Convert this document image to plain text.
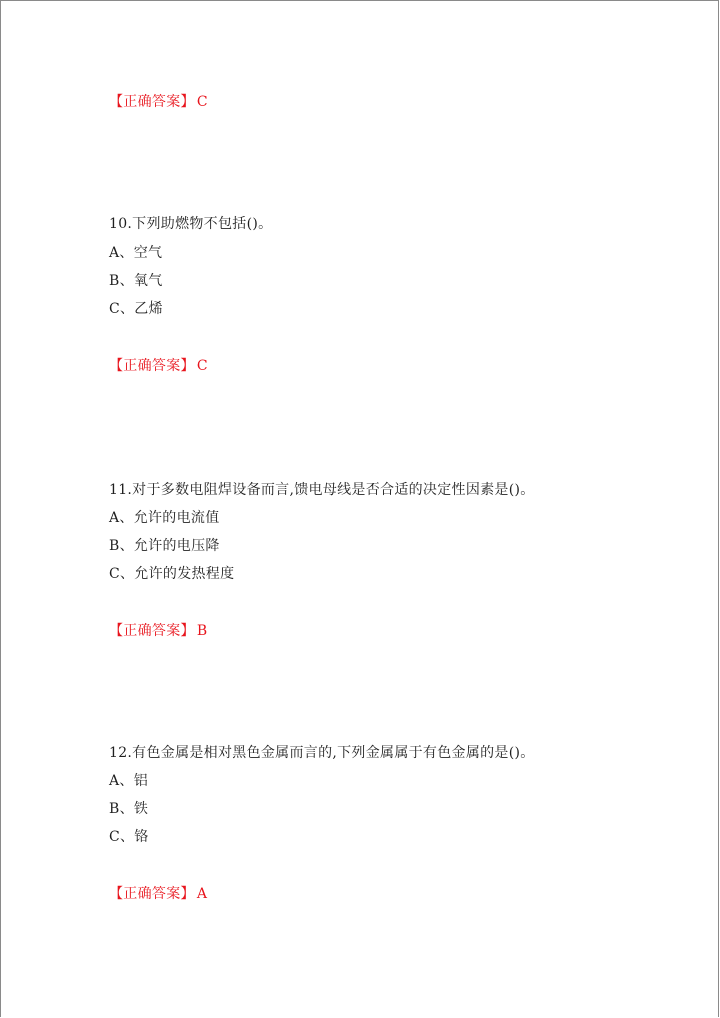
【正确答案】 C
10.下列助燃物不包括()。
A、空气
B、氧气
C、乙烯
【正确答案】 C
11.对于多数电阻焊设备而言,馈电母线是否合适的决定性因素是()。
A、允许的电流值
B、允许的电压降
C、允许的发热程度
【正确答案】 B
12.有色金属是相对黑色金属而言的,下列金属属于有色金属的是()。
A、铝
B、铁
C、铬
【正确答案】 A
